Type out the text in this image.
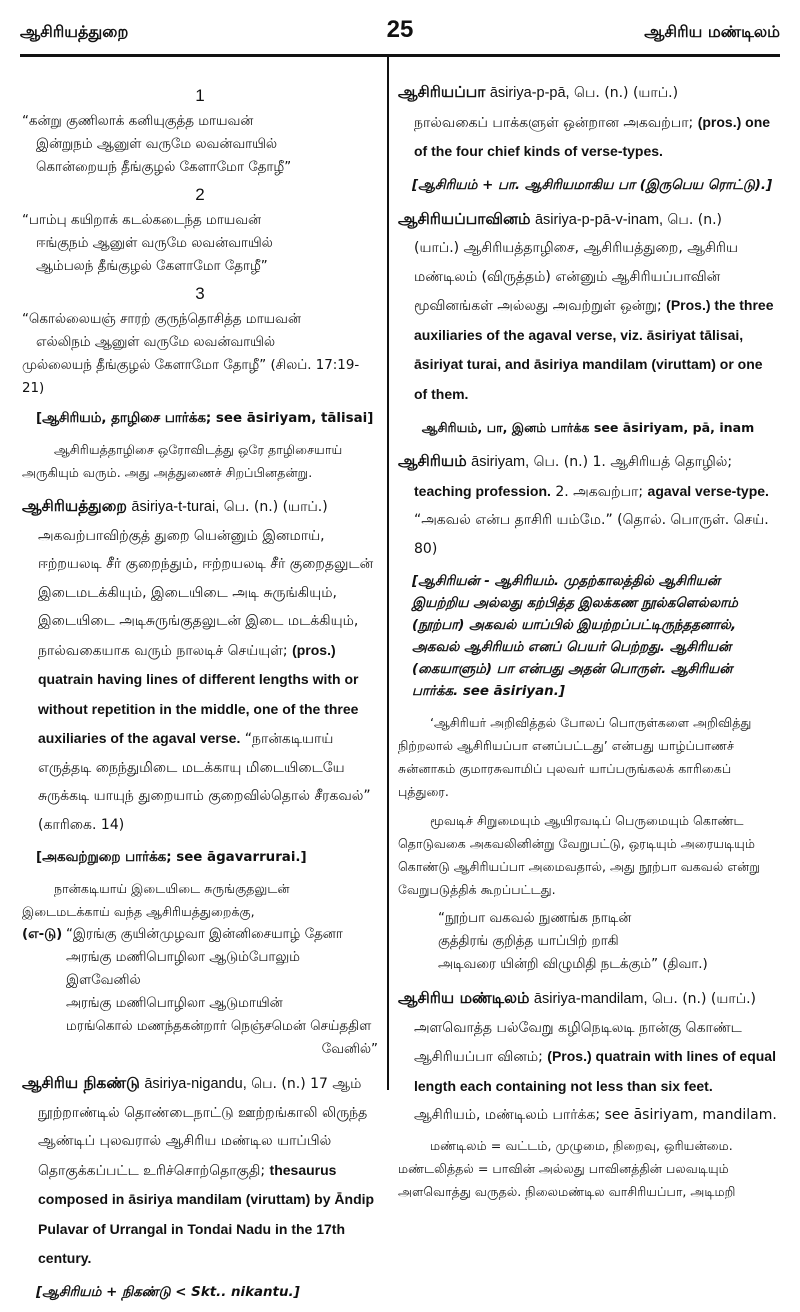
ஆசிரியத்துறை	25	ஆசிரிய மண்டிலம்
1
“கன்று குணிலாக் கனியுகுத்த மாயவன்
இன்றுநம் ஆனுள் வருமே லவன்வாயில்
கொன்றையந் தீங்குழல் கேளாமோ தோழீ”
2
“பாம்பு கயிறாக் கடல்கடைந்த மாயவன்
ஈங்குநம் ஆனுள் வருமே லவன்வாயில்
ஆம்பலந் தீங்குழல் கேளாமோ தோழீ”
3
“கொல்லையஞ் சாரற் குருந்தொசித்த மாயவன்
எல்லிநம் ஆனுள் வருமே லவன்வாயில்
முல்லையந் தீங்குழல் கேளாமோ தோழீ” (சிலப். 17:19-21)
[ஆசிரியம், தாழிசை பார்க்க; see āsiriyam, tālisai]
ஆசிரியத்தாழிசை ஒரோவிடத்து ஒரே தாழிசையாய் அருகியும் வரும். அது அத்துணைச் சிறப்பினதன்று.
ஆசிரியத்துறை āsiriya-t-turai, பெ. (n.) (யாப்.)
அகவற்பாவிற்குத் துறை யென்னும் இனமாய், ஈற்றயலடி சீர் குறைந்தும், ஈற்றயலடி சீர் குறைதலுடன் இடைமடக்கியும், இடையிடை அடி சுருங்கியும், இடையிடை அடிசுருங்குதலுடன் இடை மடக்கியும், நால்வகையாக வரும் நாலடிச் செய்யுள்; (pros.) quatrain having lines of different lengths with or without repetition in the middle, one of the three auxiliaries of the agaval verse. “நான்கடியாய் எருத்தடி நைந்துமிடை மடக்காயு மிடையிடையே சுருக்கடி யாயுந் துறையாம் குறைவில்தொல் சீரகவல்” (காரிகை. 14)
[அகவற்றுறை பார்க்க; see āgavarrurai.]
நான்கடியாய் இடையிடை சுருங்குதலுடன் இடைமடக்காய் வந்த ஆசிரியத்துறைக்கு,
(எ-டு) “இரங்கு குயின்முழவா இன்னிசையாழ் தேனா
அரங்கு மணிபொழிலா ஆடும்போலும் இளவேனில்
அரங்கு மணிபொழிலா ஆடுமாயின்
மரங்கொல் மணந்தகன்றார் நெஞ்சமென் செய்ததிள
வேனில்”
ஆசிரிய நிகண்டு āsiriya-nigandu, பெ. (n.) 17 ஆம்
நூற்றாண்டில் தொண்டைநாட்டு ஊற்றங்காலி லிருந்த ஆண்டிப் புலவரால் ஆசிரிய மண்டில யாப்பில் தொகுக்கப்பட்ட உரிச்சொற்தொகுதி; thesaurus composed in āsiriya mandilam (viruttam) by Āndip Pulavar of Urrangal in Tondai Nadu in the 17th century.
[ஆசிரியம் + நிகண்டு < Skt.. nikantu.]
ஆசிரியப்பா āsiriya-p-pā, பெ. (n.) (யாப்.)
நால்வகைப் பாக்களுள் ஒன்றான அகவற்பா; (pros.) one of the four chief kinds of verse-types.
[ஆசிரியம் + பா. ஆசிரியமாகிய பா (இருபெய ரொட்டு).]
ஆசிரியப்பாவினம் āsiriya-p-pā-v-inam, பெ. (n.)
(யாப்.) ஆசிரியத்தாழிசை, ஆசிரியத்துறை, ஆசிரிய மண்டிலம் (விருத்தம்) என்னும் ஆசிரியப்பாவின் மூவினங்கள் அல்லது அவற்றுள் ஒன்று; (Pros.) the three auxiliaries of the agaval verse, viz. āsiriyat tālisai, āsiriyat turai, and āsiriya mandilam (viruttam) or one of them.
ஆசிரியம், பா, இனம் பார்க்க see āsiriyam, pā, inam
ஆசிரியம் āsiriyam, பெ. (n.) 1. ஆசிரியத் தொழில்;
teaching profession. 2. அகவற்பா; agaval verse-type. “அகவல் என்ப தாசிரி யம்மே.” (தொல். பொருள். செய். 80)
[ஆசிரியன் - ஆசிரியம். முதற்காலத்தில் ஆசிரியன் இயற்றிய அல்லது கற்பித்த இலக்கண நூல்களெல்லாம் (நூற்பா) அகவல் யாப்பில் இயற்றப்பட்டிருந்ததனால், அகவல் ஆசிரியம் எனப் பெயர் பெற்றது. ஆசிரியன் (கையாளும்) பா என்பது அதன் பொருள். ஆசிரியன் பார்க்க. see āsiriyan.]
‘ஆசிரியர் அறிவித்தல் போலப் பொருள்களை அறிவித்து நிற்றலால் ஆசிரியப்பா எனப்பட்டது’ என்பது யாழ்ப்பாணச் சுன்னாகம் குமாரசுவாமிப் புலவர் யாப்பருங்கலக் காரிகைப் புத்துரை.
மூவடிச் சிறுமையும் ஆயிரவடிப் பெருமையும் கொண்ட தொடுவகை அகவலினின்று வேறுபட்டு, ஒரடியும் அரையடியும் கொண்டு ஆசிரியப்பா அமைவதால், அது நூற்பா வகவல் என்று வேறுபடுத்திக் கூறப்பட்டது.
“நூற்பா வகவல் நுணங்க நாடின்
குத்திரங் குறித்த யாப்பிற் றாகி
அடிவரை யின்றி விழுமிதி நடக்கும்” (திவா.)
ஆசிரிய மண்டிலம் āsiriya-mandilam, பெ. (n.) (யாப்.)
அளவொத்த பல்வேறு கழிநெடிலடி நான்கு கொண்ட ஆசிரியப்பா வினம்; (Pros.) quatrain with lines of equal length each containing not less than six feet. ஆசிரியம், மண்டிலம் பார்க்க; see āsiriyam, mandilam.
மண்டிலம் = வட்டம், முழுமை, நிறைவு, ஒரியன்மை. மண்டலித்தல் = பாவின் அல்லது பாவினத்தின் பலவடியும் அளவொத்து வருதல். நிலைமண்டில வாசிரியப்பா, அடிமறி
